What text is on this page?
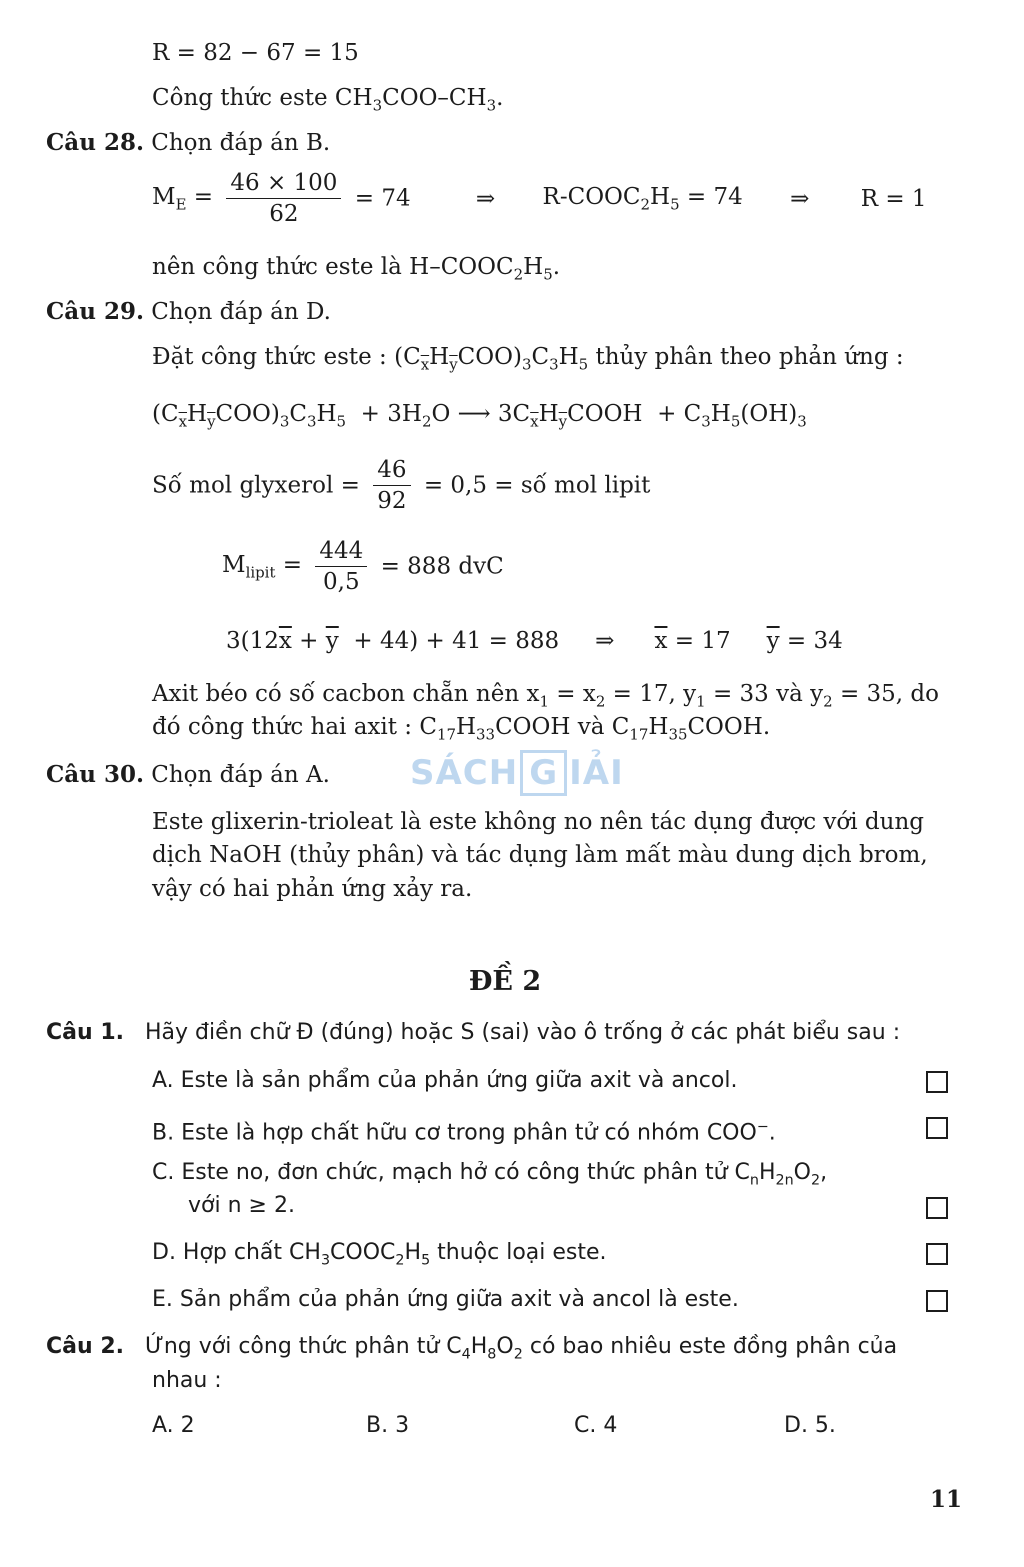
SÁCH G IẢI
R = 82 − 67 = 15
Công thức este $CH_3COO-CH_3$.
Câu 28. Chọn đáp án B.
$M_E = \frac{46 \times 100}{62} = 74$	⇒ $R-COOC_2H_5 = 74$ ⇒ R = 1
nên công thức este là $H-COOC_2H_5$.
Câu 29. Chọn đáp án D.
Đặt công thức este : $(C_{\overline{x}}H_{\overline{y}}COO)_3C_3H_5$ thủy phân theo phản ứng :
$(C_{\overline{x}}H_{\overline{y}}COO)_3C_3H_5 + 3H_2O$ ⟶ $3C_{\overline{x}}H_{\overline{y}}COOH + C_3H_5(OH)_3$
Số mol glyxerol = $\frac{46}{92} = 0,5$ = số mol lipit
$M_{lipit} = \frac{444}{0,5} = 888$ dvC
$3(12\overline{x} + \overline{y} + 44) + 41 = 888$ ⇒ $\overline{x} = 17$ $\overline{y} = 34$
Axit béo có số cacbon chẵn nên $x_1 = x_2 = 17$, $y_1 = 33$ và $y_2 = 35$, do
đó công thức hai axit : $C_{17}H_{33}COOH$ và $C_{17}H_{35}COOH$.
Câu 30. Chọn đáp án A.
Este glixerin-trioleat là este không no nên tác dụng được với dung
dịch NaOH (thủy phân) và tác dụng làm mất màu dung dịch brom,
vậy có hai phản ứng xảy ra.
ĐỀ 2
Câu 1. Hãy điền chữ Đ (đúng) hoặc S (sai) vào ô trống ở các phát biểu sau :
A. Este là sản phẩm của phản ứng giữa axit và ancol.
B. Este là hợp chất hữu cơ trong phân tử có nhóm COO−.
C. Este no, đơn chức, mạch hở có công thức phân tử $C_nH_{2n}O_2$,
với n ≥ 2.
D. Hợp chất $CH_3COOC_2H_5$ thuộc loại este.
E. Sản phẩm của phản ứng giữa axit và ancol là este.
Câu 2. Ứng với công thức phân tử $C_4H_8O_2$ có bao nhiêu este đồng phân của
nhau :
A. 2	B. 3	C. 4	D. 5.
11
